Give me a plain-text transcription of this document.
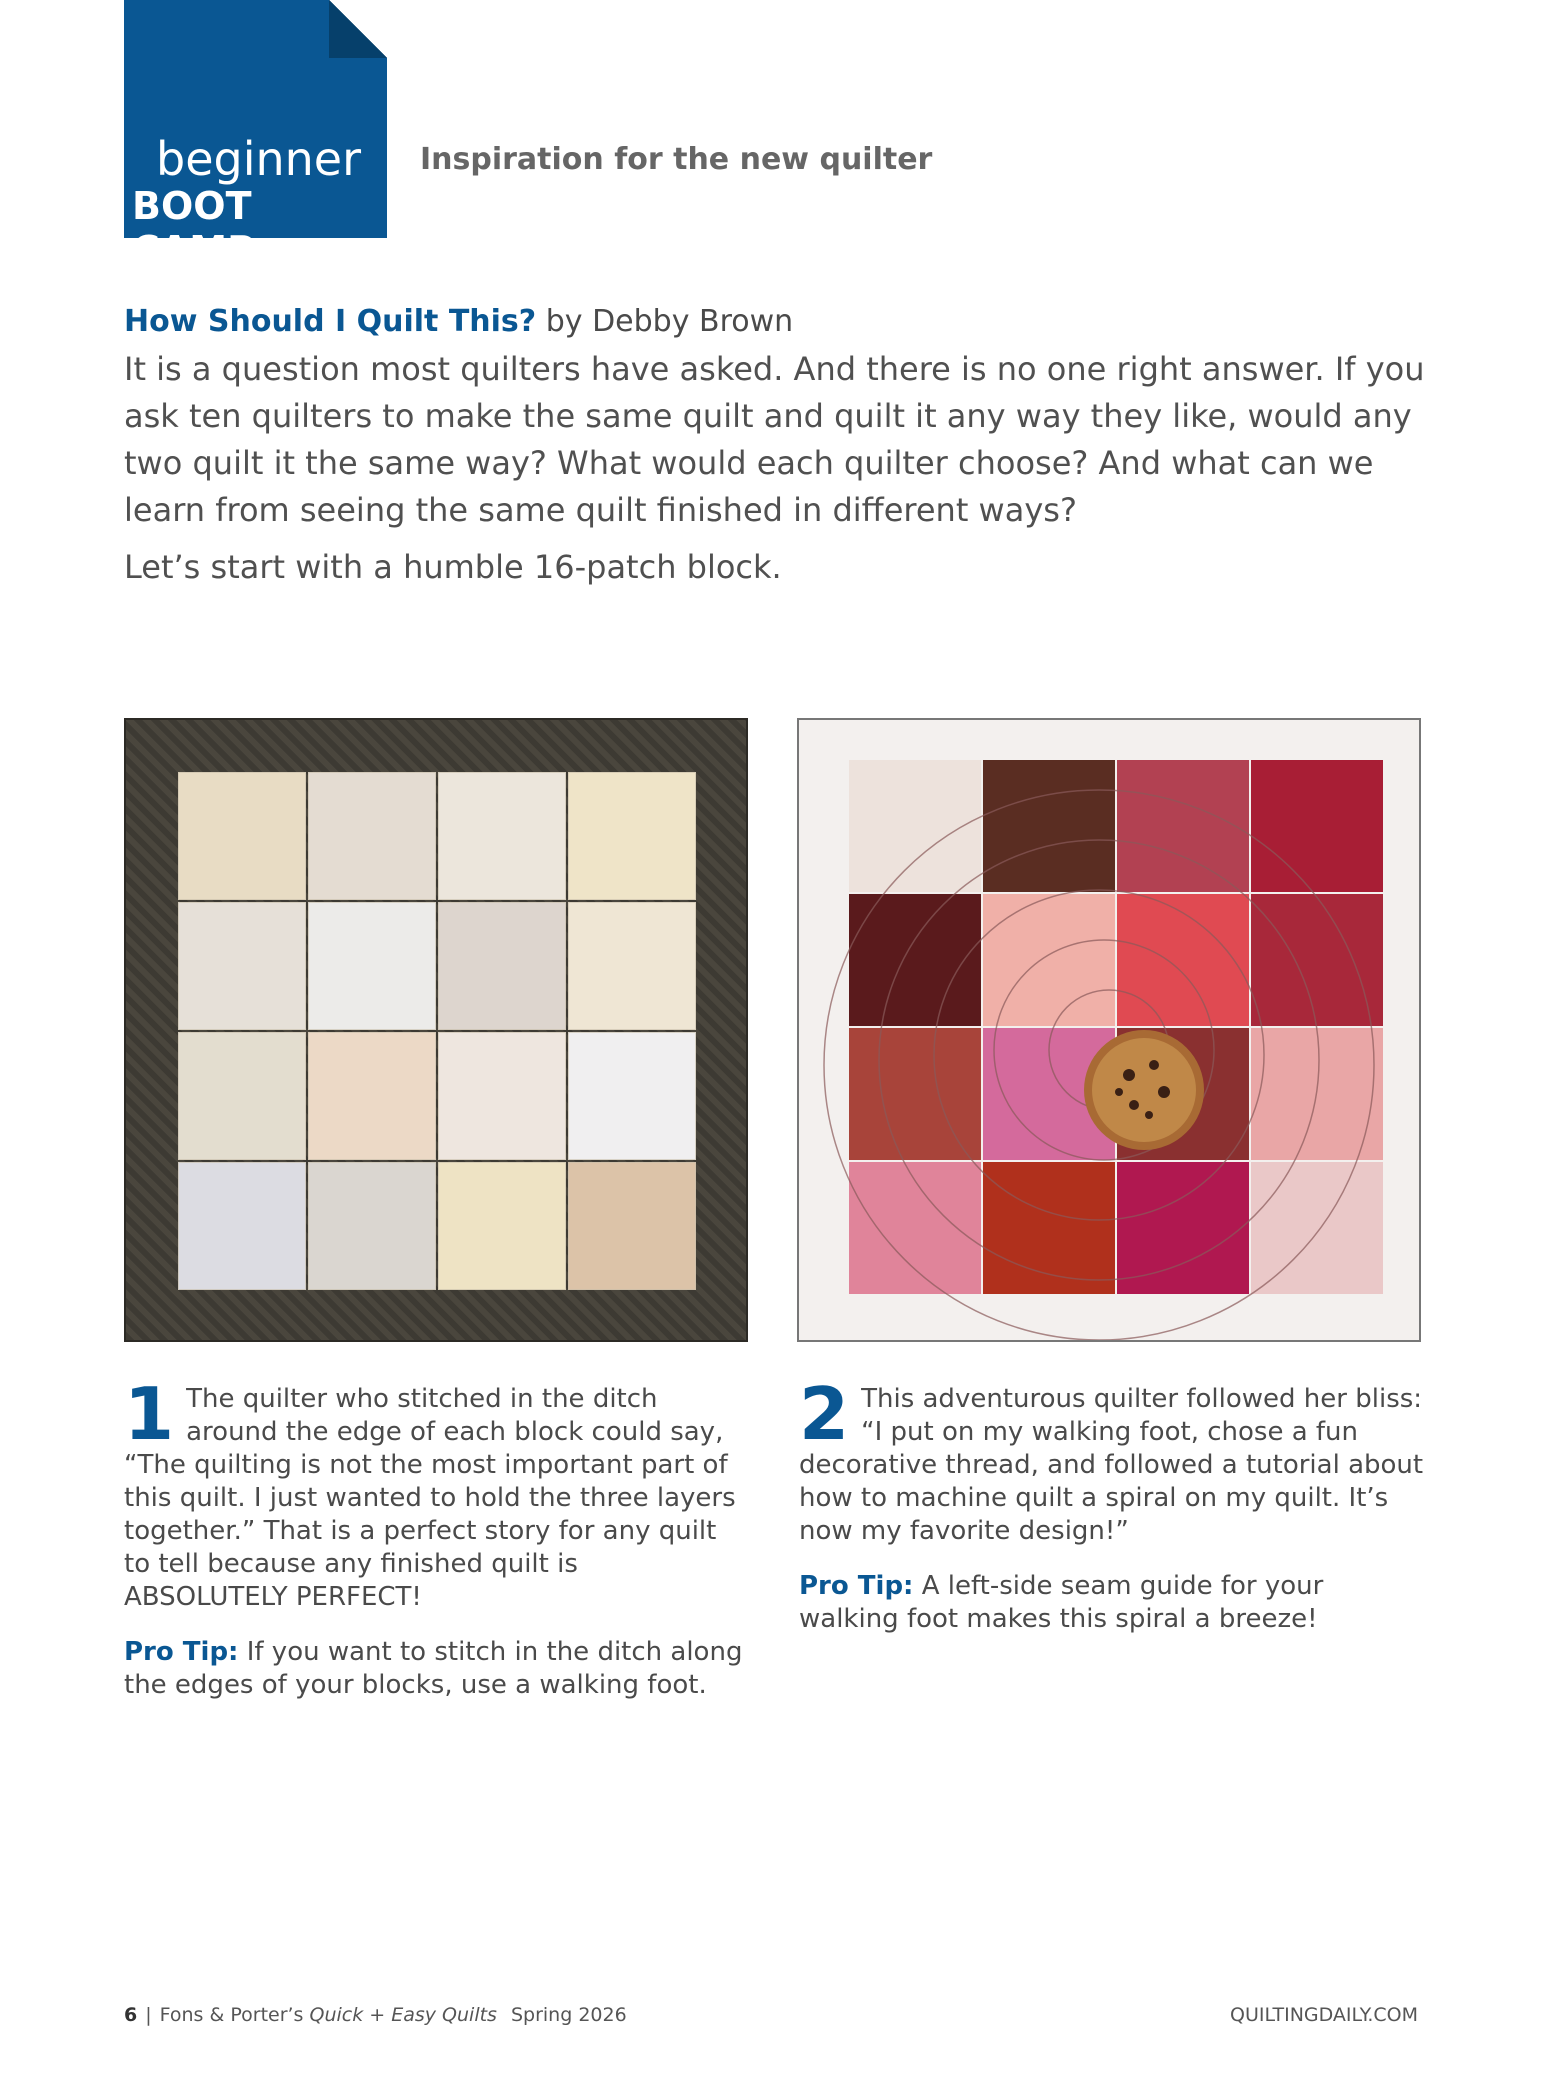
beginner
BOOT CAMP
Inspiration for the new quilter
How Should I Quilt This? by Debby Brown

It is a question most quilters have asked. And there is no one right answer. If you ask ten quilters to make the same quilt and quilt it any way they like, would any two quilt it the same way? What would each quilter choose? And what can we learn from seeing the same quilt finished in different ways?

Let’s start with a humble 16-patch block.
1 The quilter who stitched in the ditch around the edge of each block could say, “The quilting is not the most important part of this quilt. I just wanted to hold the three layers together.” That is a perfect story for any quilt to tell because any finished quilt is ABSOLUTELY PERFECT!

Pro Tip: If you want to stitch in the ditch along the edges of your blocks, use a walking foot.

2 This adventurous quilter followed her bliss: “I put on my walking foot, chose a fun decorative thread, and followed a tutorial about how to machine quilt a spiral on my quilt. It’s now my favorite design!”

Pro Tip: A left-side seam guide for your walking foot makes this spiral a breeze!

6 | Fons & Porter’s Quick + Easy Quilts Spring 2026	QUILTINGDAILY.COM
